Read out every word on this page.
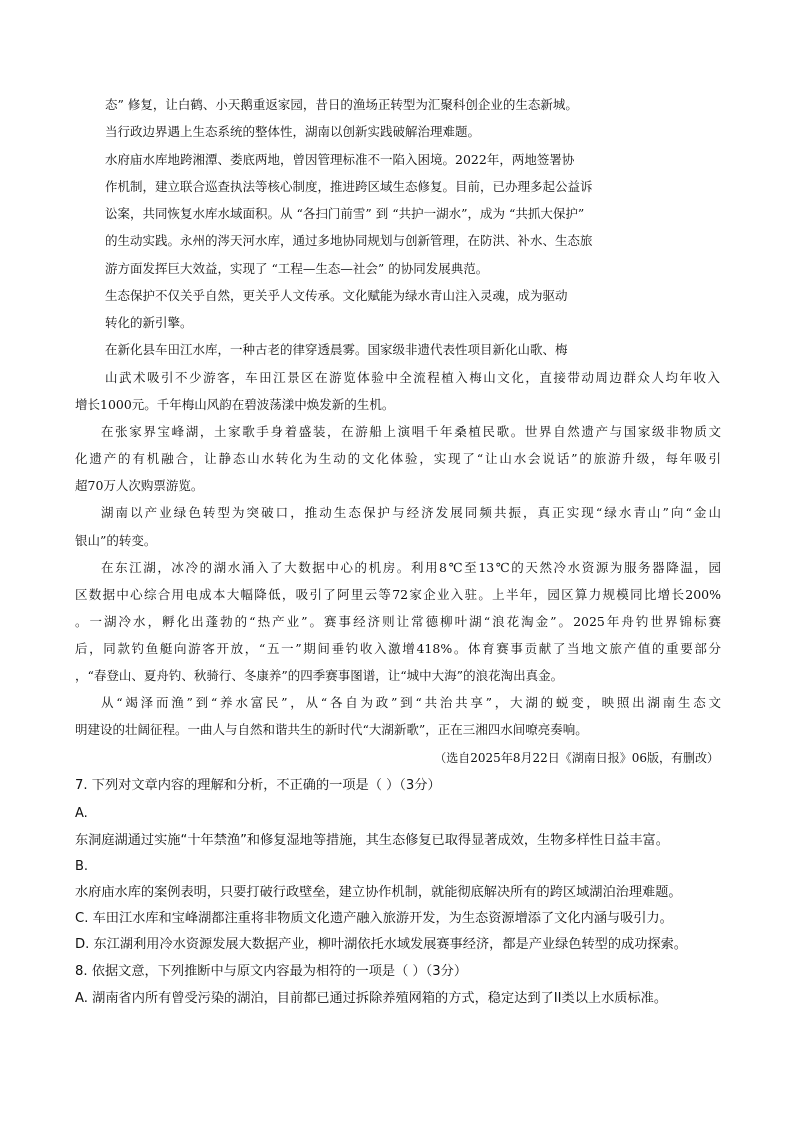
态” 修复，让白鹤、小天鹅重返家园，昔日的渔场正转型为汇聚科创企业的生态新城。

当行政边界遇上生态系统的整体性，湖南以创新实践破解治理难题。

水府庙水库地跨湘潭、娄底两地，曾因管理标准不一陷入困境。2022年，两地签署协

作机制，建立联合巡查执法等核心制度，推进跨区域生态修复。目前，已办理多起公益诉

讼案，共同恢复水库水域面积。从 “各扫门前雪” 到 “共护一湖水”，成为 “共抓大保护”

的生动实践。永州的涔天河水库，通过多地协同规划与创新管理，在防洪、补水、生态旅

游方面发挥巨大效益，实现了 “工程—生态—社会” 的协同发展典范。

生态保护不仅关乎自然，更关乎人文传承。文化赋能为绿水青山注入灵魂，成为驱动

转化的新引擎。

在新化县车田江水库，一种古老的律穿透晨雾。国家级非遗代表性项目新化山歌、梅

山武术吸引不少游客，车田江景区在游览体验中全流程植入梅山文化，直接带动周边群众人均年收入

增长1000元。千年梅山风韵在碧波荡漾中焕发新的生机。

在张家界宝峰湖，土家歌手身着盛装，在游船上演唱千年桑植民歌。世界自然遗产与国家级非物质文

化遗产的有机融合，让静态山水转化为生动的文化体验，实现了“让山水会说话”的旅游升级，每年吸引

超70万人次购票游览。

湖南以产业绿色转型为突破口，推动生态保护与经济发展同频共振，真正实现“绿水青山”向“金山

银山”的转变。

在东江湖，冰冷的湖水涌入了大数据中心的机房。利用8℃至13℃的天然冷水资源为服务器降温，园

区数据中心综合用电成本大幅降低，吸引了阿里云等72家企业入驻。上半年，园区算力规模同比增长200%

。一湖冷水，孵化出蓬勃的“热产业”。赛事经济则让常德柳叶湖“浪花淘金”。2025年舟钓世界锦标赛

后，同款钓鱼艇向游客开放，“五一”期间垂钓收入激增418%。体育赛事贡献了当地文旅产值的重要部分

，“春登山、夏舟钓、秋骑行、冬康养”的四季赛事图谱，让“城中大海”的浪花淘出真金。

从“竭泽而渔”到“养水富民”，从“各自为政”到“共治共享”，大湖的蜕变，映照出湖南生态文

明建设的壮阔征程。一曲人与自然和谐共生的新时代“大湖新歌”，正在三湘四水间嘹亮奏响。

（选自2025年8月22日《湖南日报》06版，有删改）

7. 下列对文章内容的理解和分析，不正确的一项是（ ）（3分）

A.

东洞庭湖通过实施“十年禁渔”和修复湿地等措施，其生态修复已取得显著成效，生物多样性日益丰富。

B.

水府庙水库的案例表明，只要打破行政壁垒，建立协作机制，就能彻底解决所有的跨区域湖泊治理难题。

C. 车田江水库和宝峰湖都注重将非物质文化遗产融入旅游开发，为生态资源增添了文化内涵与吸引力。

D. 东江湖利用冷水资源发展大数据产业，柳叶湖依托水域发展赛事经济，都是产业绿色转型的成功探索。

8. 依据文意，下列推断中与原文内容最为相符的一项是（ ）（3分）

A. 湖南省内所有曾受污染的湖泊，目前都已通过拆除养殖网箱的方式，稳定达到了II类以上水质标准。
